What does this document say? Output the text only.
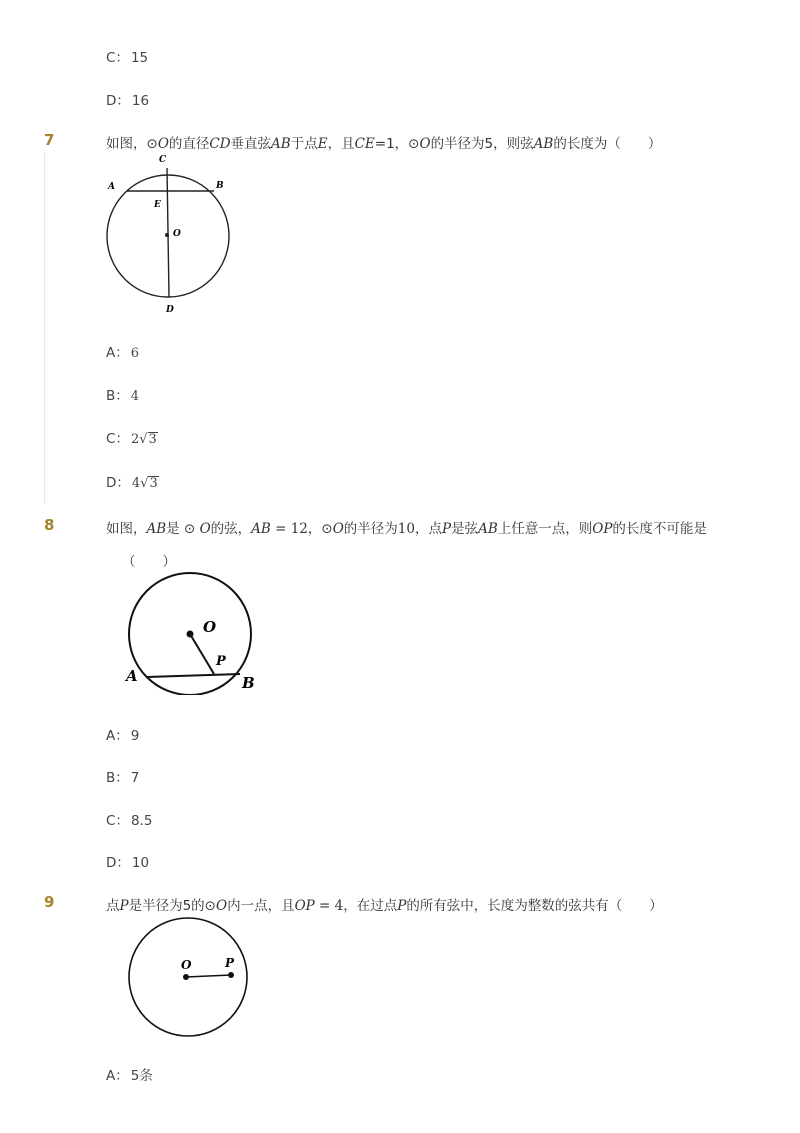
C： 15
D： 16
7	如图，⊙O的直径CD垂直弦AB于点E，且CE=1，⊙O的半径为5，则弦AB的长度为（　　）
C
A	B
E
O
D
A： 6
B： 4
C： 2√3
D： 4√3
8	如图，AB是 ⊙ O的弦，AB = 12，⊙O的半径为10，点P是弦AB上任意一点，则OP的长度不可能是
（　　）
O
P
A	B
A： 9
B： 7
C： 8.5
D： 10
9	点P是半径为5的⊙O内一点，且OP = 4，在过点P的所有弦中，长度为整数的弦共有（　　）
O	P
A： 5条
